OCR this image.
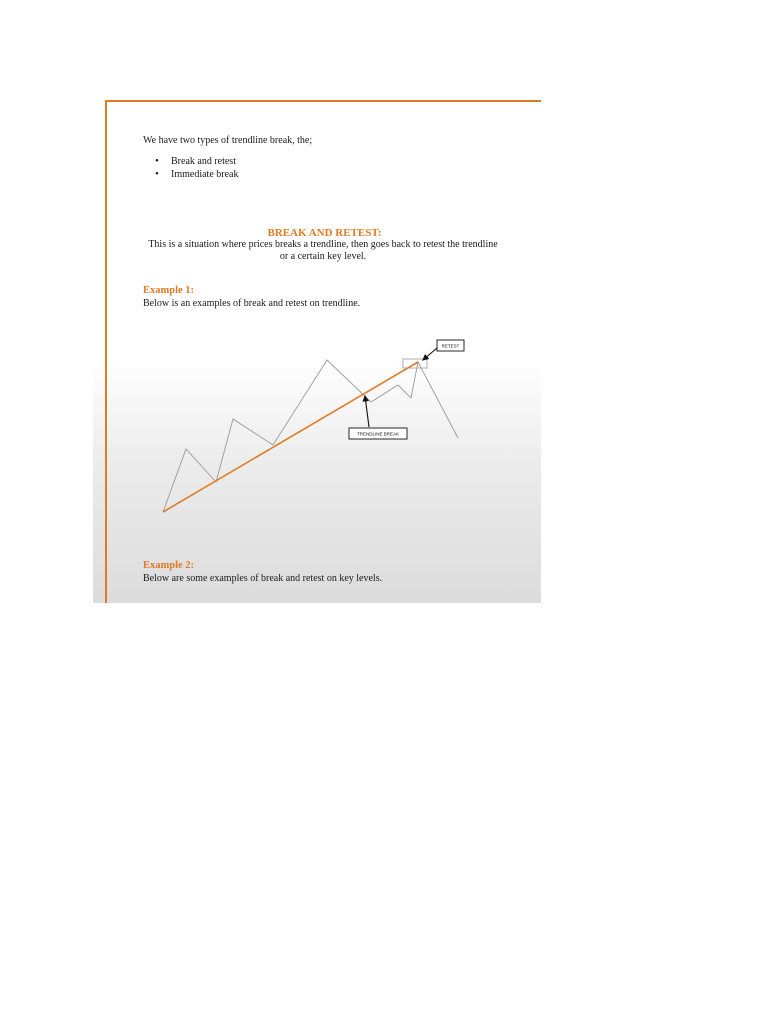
We have two types of trendline break, the;
• Break and retest
• Immediate break
BREAK AND RETEST:
This is a situation where prices breaks a trendline, then goes back to retest the trendline or a certain key level.
Example 1:
Below is an examples of break and retest on trendline.
RETEST
TRENDLINE BREAK
Example 2:
Below are some examples of break and retest on key levels.
